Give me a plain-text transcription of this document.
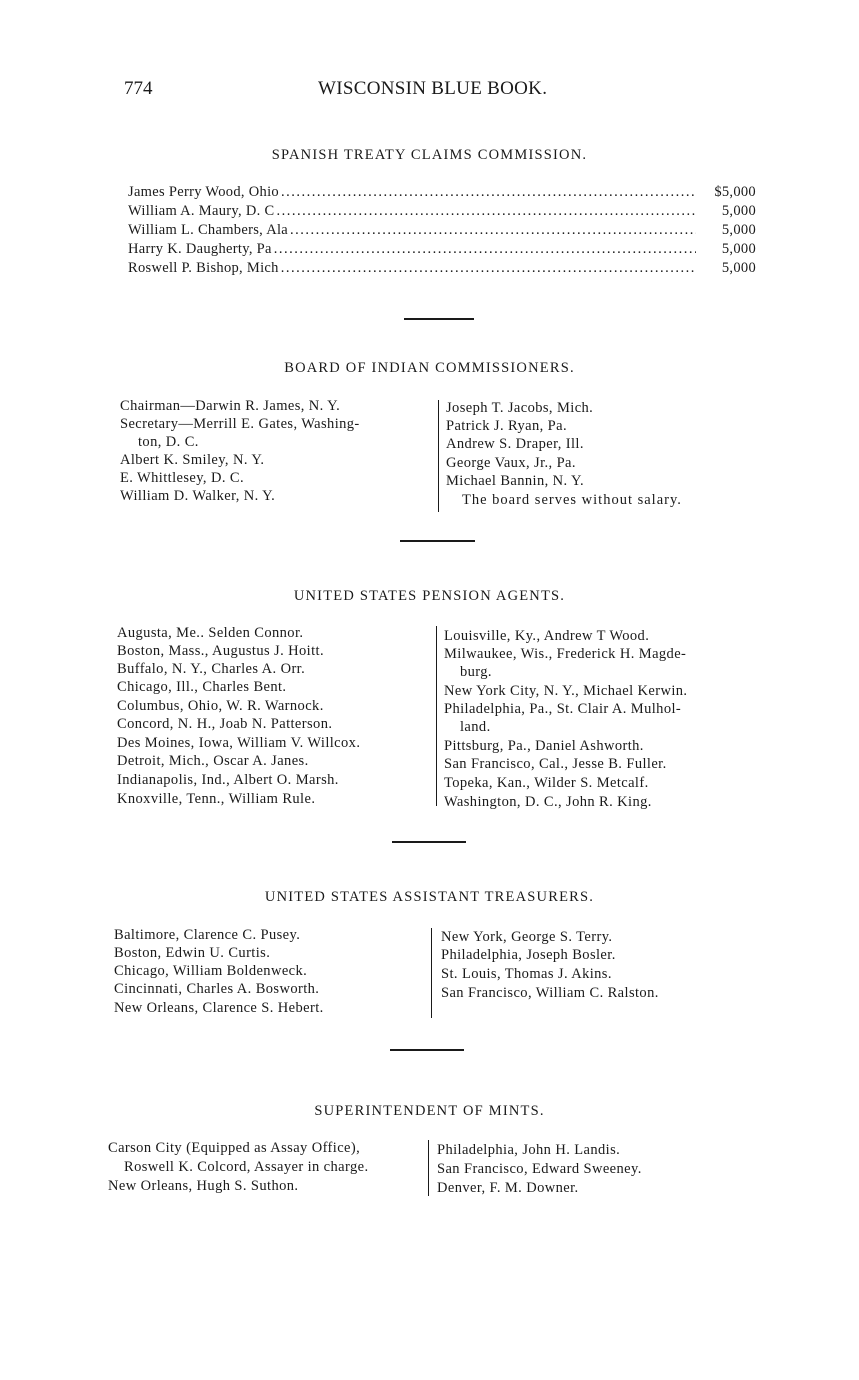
774	WISCONSIN BLUE BOOK.
SPANISH TREATY CLAIMS COMMISSION.
James Perry Wood, Ohio .....	$5,000
William A. Maury, D. C .....	5,000
William L. Chambers, Ala .....	5,000
Harry K. Daugherty, Pa .....	5,000
Roswell P. Bishop, Mich .....	5,000
BOARD OF INDIAN COMMISSIONERS.
Chairman—Darwin R. James, N. Y.
Secretary—Merrill E. Gates, Washing-
ton, D. C.
Albert K. Smiley, N. Y.
E. Whittlesey, D. C.
William D. Walker, N. Y.
Joseph T. Jacobs, Mich.
Patrick J. Ryan, Pa.
Andrew S. Draper, Ill.
George Vaux, Jr., Pa.
Michael Bannin, N. Y.
The board serves without salary.
UNITED STATES PENSION AGENTS.
Augusta, Me.. Selden Connor.
Boston, Mass., Augustus J. Hoitt.
Buffalo, N. Y., Charles A. Orr.
Chicago, Ill., Charles Bent.
Columbus, Ohio, W. R. Warnock.
Concord, N. H., Joab N. Patterson.
Des Moines, Iowa, William V. Willcox.
Detroit, Mich., Oscar A. Janes.
Indianapolis, Ind., Albert O. Marsh.
Knoxville, Tenn., William Rule.
Louisville, Ky., Andrew T Wood.
Milwaukee, Wis., Frederick H. Magde-
burg.
New York City, N. Y., Michael Kerwin.
Philadelphia, Pa., St. Clair A. Mulhol-
land.
Pittsburg, Pa., Daniel Ashworth.
San Francisco, Cal., Jesse B. Fuller.
Topeka, Kan., Wilder S. Metcalf.
Washington, D. C., John R. King.
UNITED STATES ASSISTANT TREASURERS.
Baltimore, Clarence C. Pusey.
Boston, Edwin U. Curtis.
Chicago, William Boldenweck.
Cincinnati, Charles A. Bosworth.
New Orleans, Clarence S. Hebert.
New York, George S. Terry.
Philadelphia, Joseph Bosler.
St. Louis, Thomas J. Akins.
San Francisco, William C. Ralston.
SUPERINTENDENT OF MINTS.
Carson City (Equipped as Assay Office),
Roswell K. Colcord, Assayer in charge.
New Orleans, Hugh S. Suthon.
Philadelphia, John H. Landis.
San Francisco, Edward Sweeney.
Denver, F. M. Downer.
